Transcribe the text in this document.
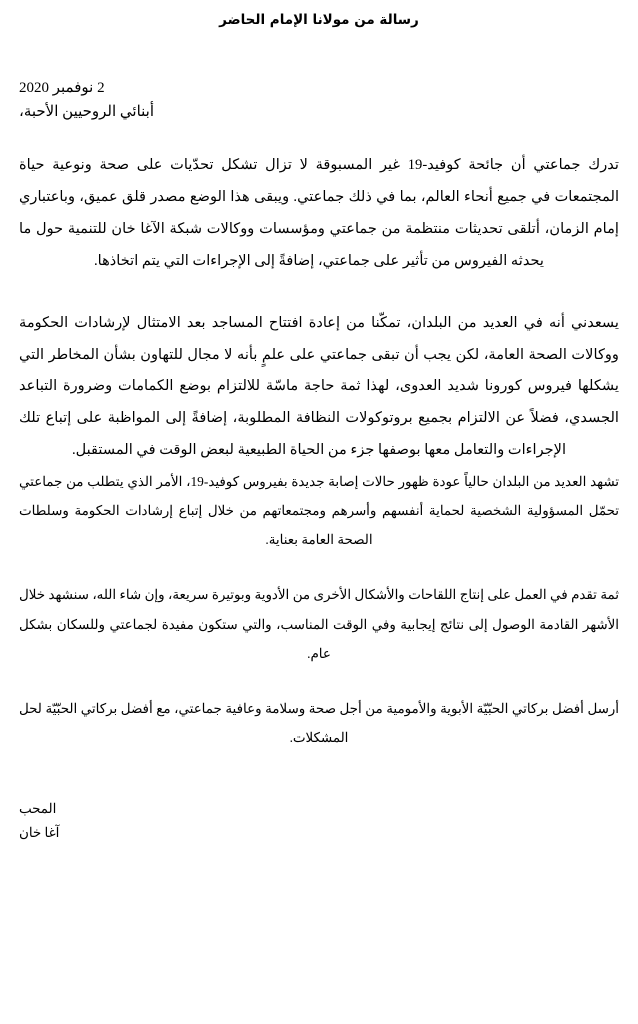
رسالة من مولانا الإمام الحاضر

2 نوفمبر 2020

أبنائي الروحيين الأحبة،

تدرك جماعتي أن جائحة كوفيد-19 غير المسبوقة لا تزال تشكل تحدّيات على صحة ونوعية حياة المجتمعات في جميع أنحاء العالم، بما في ذلك جماعتي. ويبقى هذا الوضع مصدر قلق عميق، وباعتباري إمام الزمان، أتلقى تحديثات منتظمة من جماعتي ومؤسسات ووكالات شبكة الآغا خان للتنمية حول ما يحدثه الفيروس من تأثير على جماعتي، إضافةً إلى الإجراءات التي يتم اتخاذها.

يسعدني أنه في العديد من البلدان، تمكّنا من إعادة افتتاح المساجد بعد الامتثال لإرشادات الحكومة ووكالات الصحة العامة، لكن يجب أن تبقى جماعتي على علمٍ بأنه لا مجال للتهاون بشأن المخاطر التي يشكلها فيروس كورونا شديد العدوى، لهذا ثمة حاجة ماسّة للالتزام بوضع الكمامات وضرورة التباعد الجسدي، فضلاً عن الالتزام بجميع بروتوكولات النظافة المطلوبة، إضافةً إلى المواظبة على إتباع تلك الإجراءات والتعامل معها بوصفها جزء من الحياة الطبيعية لبعض الوقت في المستقبل.

تشهد العديد من البلدان حالياً عودة ظهور حالات إصابة جديدة بفيروس كوفيد-19، الأمر الذي يتطلب من جماعتي تحمّل المسؤولية الشخصية لحماية أنفسهم وأسرهم ومجتمعاتهم من خلال إتباع إرشادات الحكومة وسلطات الصحة العامة بعناية.

ثمة تقدم في العمل على إنتاج اللقاحات والأشكال الأخرى من الأدوية وبوتيرة سريعة، وإن شاء الله، سنشهد خلال الأشهر القادمة الوصول إلى نتائج إيجابية وفي الوقت المناسب، والتي ستكون مفيدة لجماعتي وللسكان بشكل عام.

أرسل أفضل بركاتي الحبّيّة الأبوية والأمومية من أجل صحة وسلامة وعافية جماعتي، مع أفضل بركاتي الحبّيّة لحل المشكلات.

المحب

آغا خان
